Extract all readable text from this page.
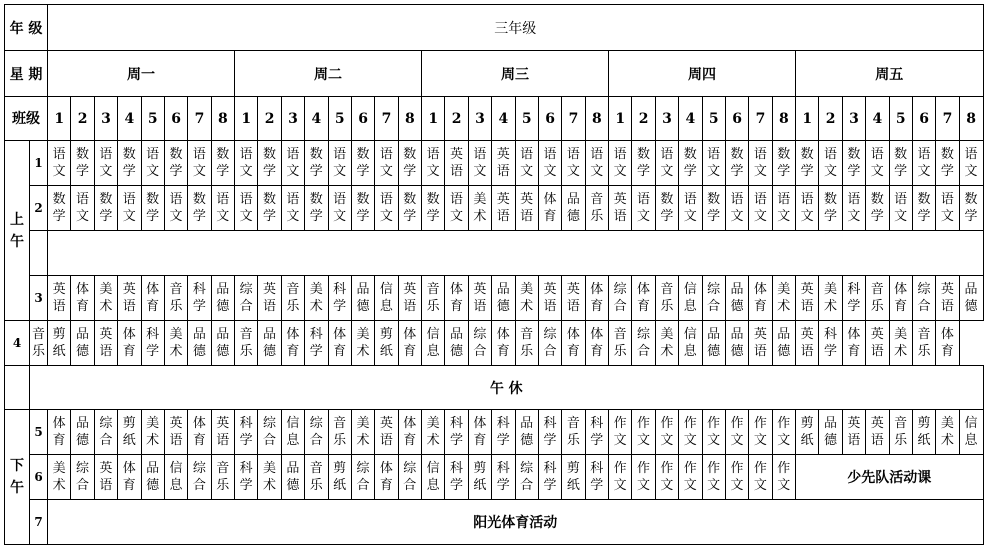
年 级		三年级																																							
星 期		周一								周二								周三								周四								周五							
班级		1	2	3	4	5	6	7	8	1	2	3	4	5	6	7	8	1	2	3	4	5	6	7	8	1	2	3	4	5	6	7	8	1	2	3	4	5	6	7	8
上午	1	语文	数学	语文	数学	语文	数学	语文	数学	语文	数学	语文	数学	语文	数学	语文	数学	语文	英语	语文	英语	语文	语文	语文	语文	语文	数学	语文	数学	语文	数学	语文	数学	数学	语文	数学	语文	数学	语文	数学	语文
	2	数学	语文	数学	语文	数学	语文	数学	语文	语文	数学	语文	数学	语文	数学	语文	数学	数学	语文	美术	英语	英语	体育	品德	音乐	英语	语文	数学	语文	数学	语文	语文	语文	语文	数学	语文	数学	语文	数学	语文	数学

	3	英语	体育	美术	英语	体育	音乐	科学	品德	综合	英语	音乐	美术	科学	品德	信息	英语	音乐	体育	英语	品德	美术	英语	英语	体育	综合	体育	音乐	信息	综合	品德	体育	美术	英语	美术	科学	音乐	体育	综合	英语	品德
4	音乐	剪纸	品德	英语	体育	科学	美术	品德	品德	音乐	品德	体育	科学	体育	美术	剪纸	体育	信息	品德	综合	体育	音乐	综合	体育	体育	音乐	综合	美术	信息	品德	品德	英语	品德	英语	科学	体育	英语	美术	音乐	体育	
	午 休																																								
下午	5	体育	品德	综合	剪纸	美术	英语	体育	英语	科学	综合	信息	综合	音乐	美术	英语	体育	美术	科学	体育	科学	品德	科学	音乐	科学	作文	作文	作文	作文	作文	作文	作文	作文	剪纸	品德	英语	英语	音乐	剪纸	美术	信息
	6	美术	综合	英语	体育	品德	信息	综合	音乐	科学	美术	品德	音乐	剪纸	综合	体育	综合	信息	科学	剪纸	科学	综合	科学	剪纸	科学	作文	作文	作文	作文	作文	作文	作文	作文	少先队活动课							
	7	阳光体育活动																																							
